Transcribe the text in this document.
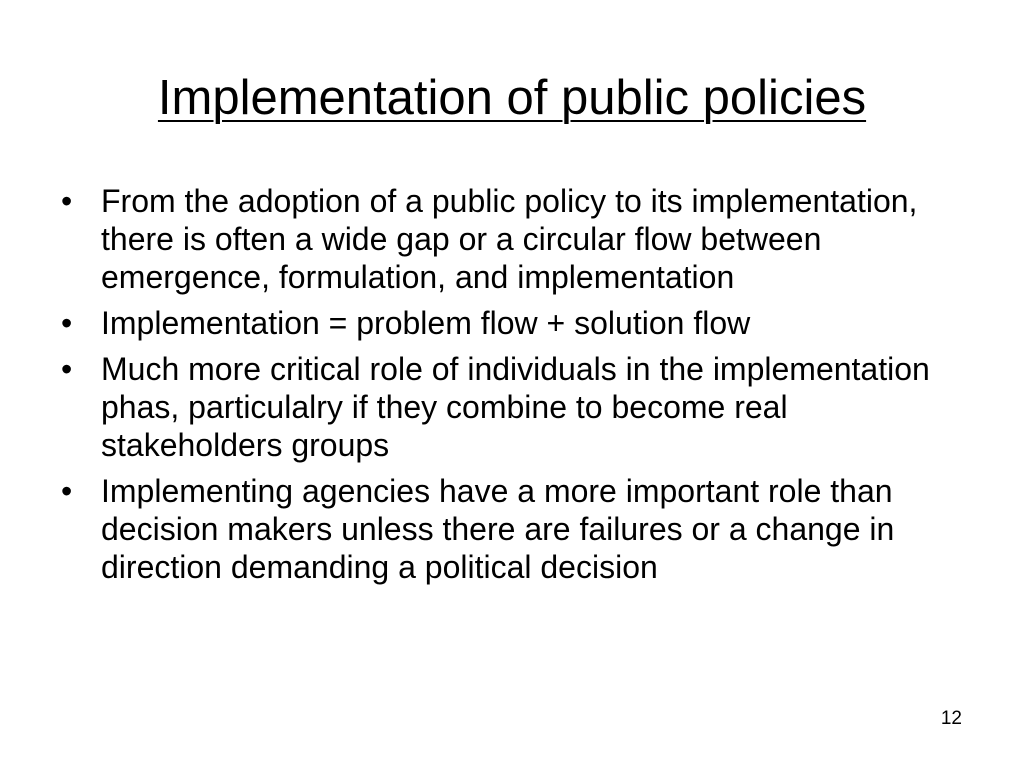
Implementation of public policies
• From the adoption of a public policy to its implementation, there is often a wide gap or a circular flow between emergence, formulation, and implementation
• Implementation = problem flow + solution flow
• Much more critical role of individuals in the implementation phas, particulalry if they combine to become real stakeholders groups
• Implementing agencies have a more important role than decision makers unless there are failures or a change in direction demanding a political decision
12
